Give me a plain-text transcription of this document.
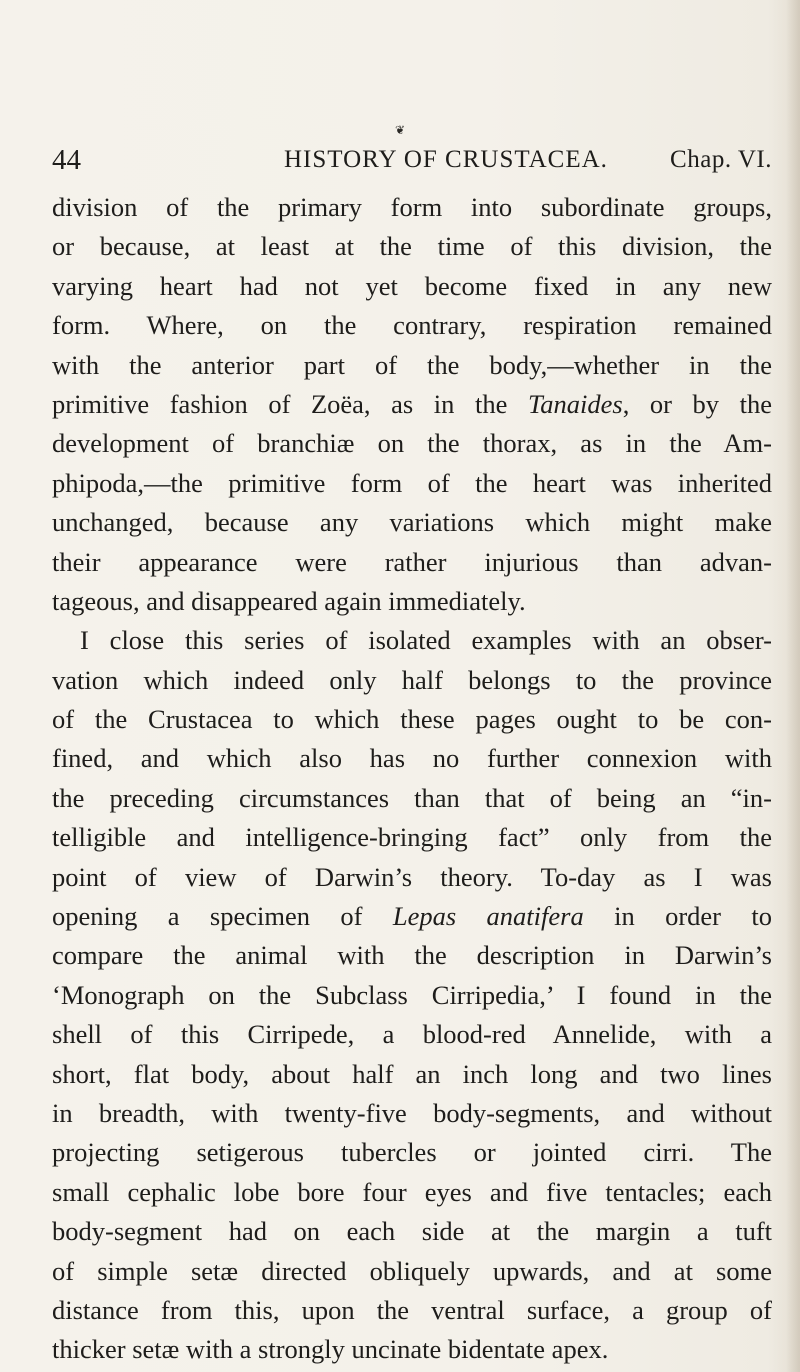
❦
44	HISTORY OF CRUSTACEA. Chap. VI.
division of the primary form into subordinate groups,
or because, at least at the time of this division, the
varying heart had not yet become fixed in any new
form. Where, on the contrary, respiration remained
with the anterior part of the body,—whether in the
primitive fashion of Zoëa, as in the Tanaides, or by the
development of branchiæ on the thorax, as in the Am-
phipoda,—the primitive form of the heart was inherited
unchanged, because any variations which might make
their appearance were rather injurious than advan-
tageous, and disappeared again immediately.
I close this series of isolated examples with an obser-
vation which indeed only half belongs to the province
of the Crustacea to which these pages ought to be con-
fined, and which also has no further connexion with
the preceding circumstances than that of being an “in-
telligible and intelligence-bringing fact” only from the
point of view of Darwin’s theory. To-day as I was
opening a specimen of Lepas anatifera in order to
compare the animal with the description in Darwin’s
‘Monograph on the Subclass Cirripedia,’ I found in the
shell of this Cirripede, a blood-red Annelide, with a
short, flat body, about half an inch long and two lines
in breadth, with twenty-five body-segments, and without
projecting setigerous tubercles or jointed cirri. The
small cephalic lobe bore four eyes and five tentacles; each
body-segment had on each side at the margin a tuft
of simple setæ directed obliquely upwards, and at some
distance from this, upon the ventral surface, a group of
thicker setæ with a strongly uncinate bidentate apex.
